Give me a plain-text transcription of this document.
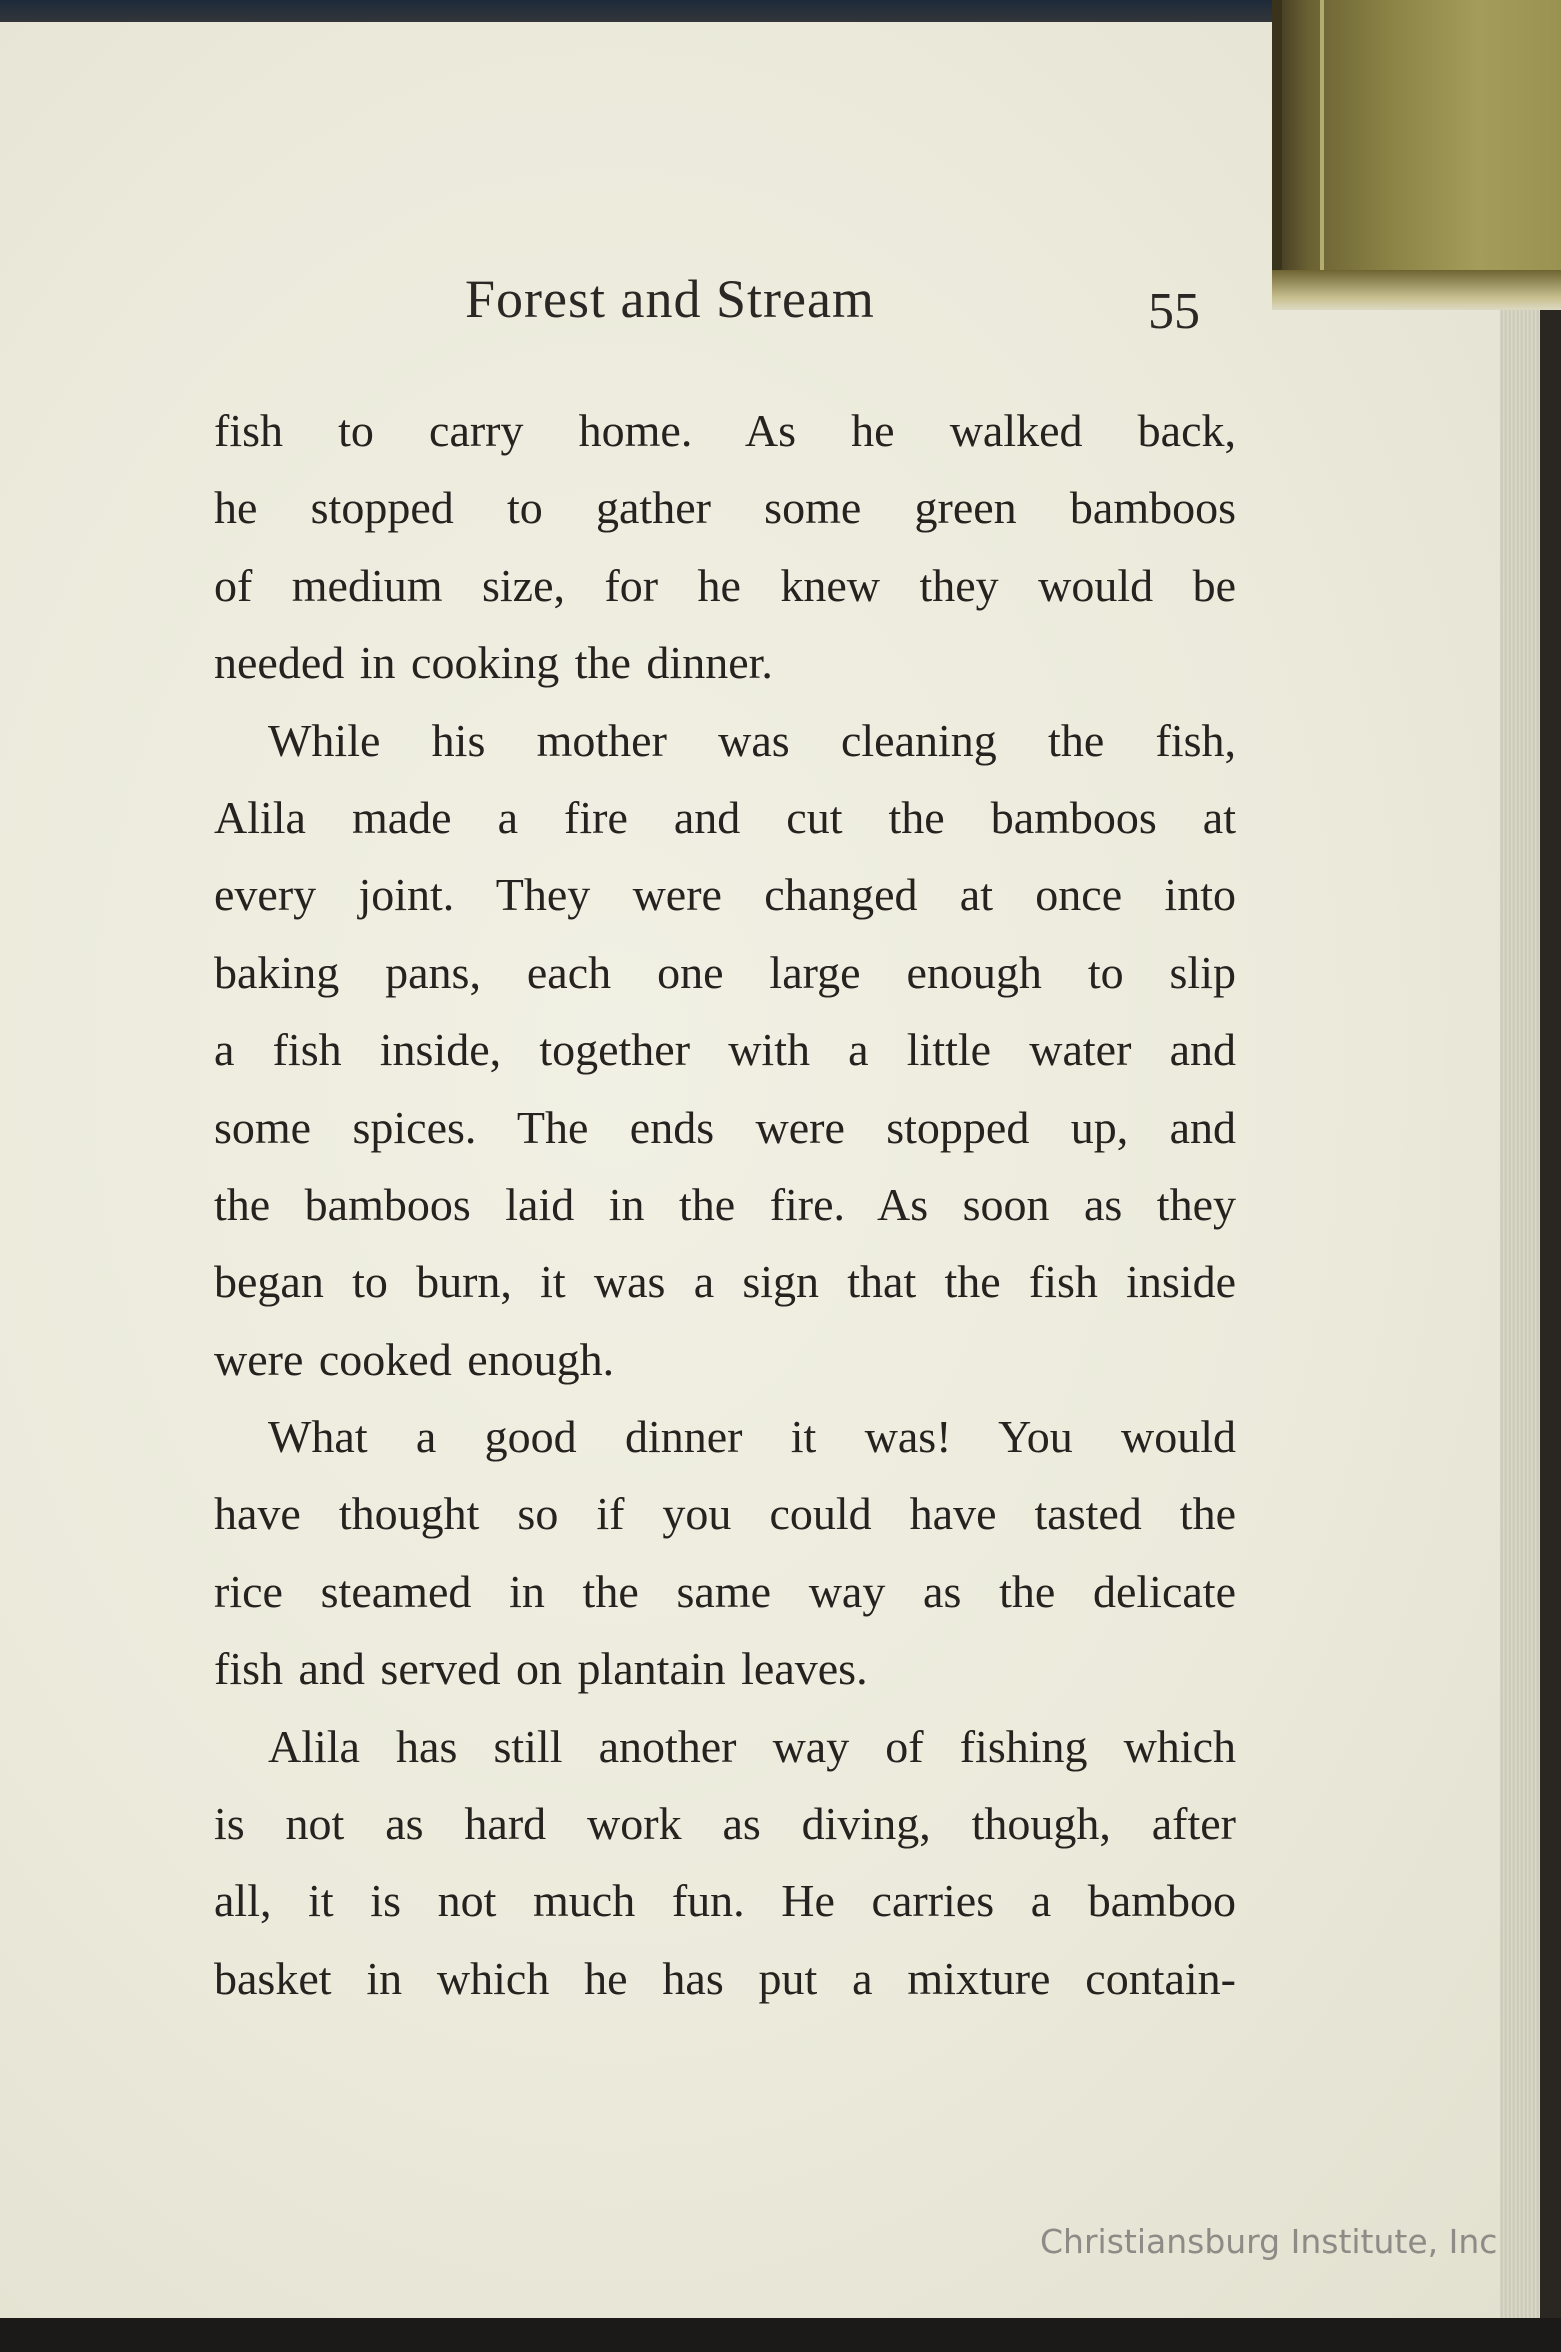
Forest and Stream	55
fish to carry home. As he walked back,
he stopped to gather some green bamboos
of medium size, for he knew they would be
needed in cooking the dinner.
While his mother was cleaning the fish,
Alila made a fire and cut the bamboos at
every joint. They were changed at once into
baking pans, each one large enough to slip
a fish inside, together with a little water and
some spices. The ends were stopped up, and
the bamboos laid in the fire. As soon as they
began to burn, it was a sign that the fish inside
were cooked enough.
What a good dinner it was! You would
have thought so if you could have tasted the
rice steamed in the same way as the delicate
fish and served on plantain leaves.
Alila has still another way of fishing which
is not as hard work as diving, though, after
all, it is not much fun. He carries a bamboo
basket in which he has put a mixture contain-
Christiansburg Institute, Inc
